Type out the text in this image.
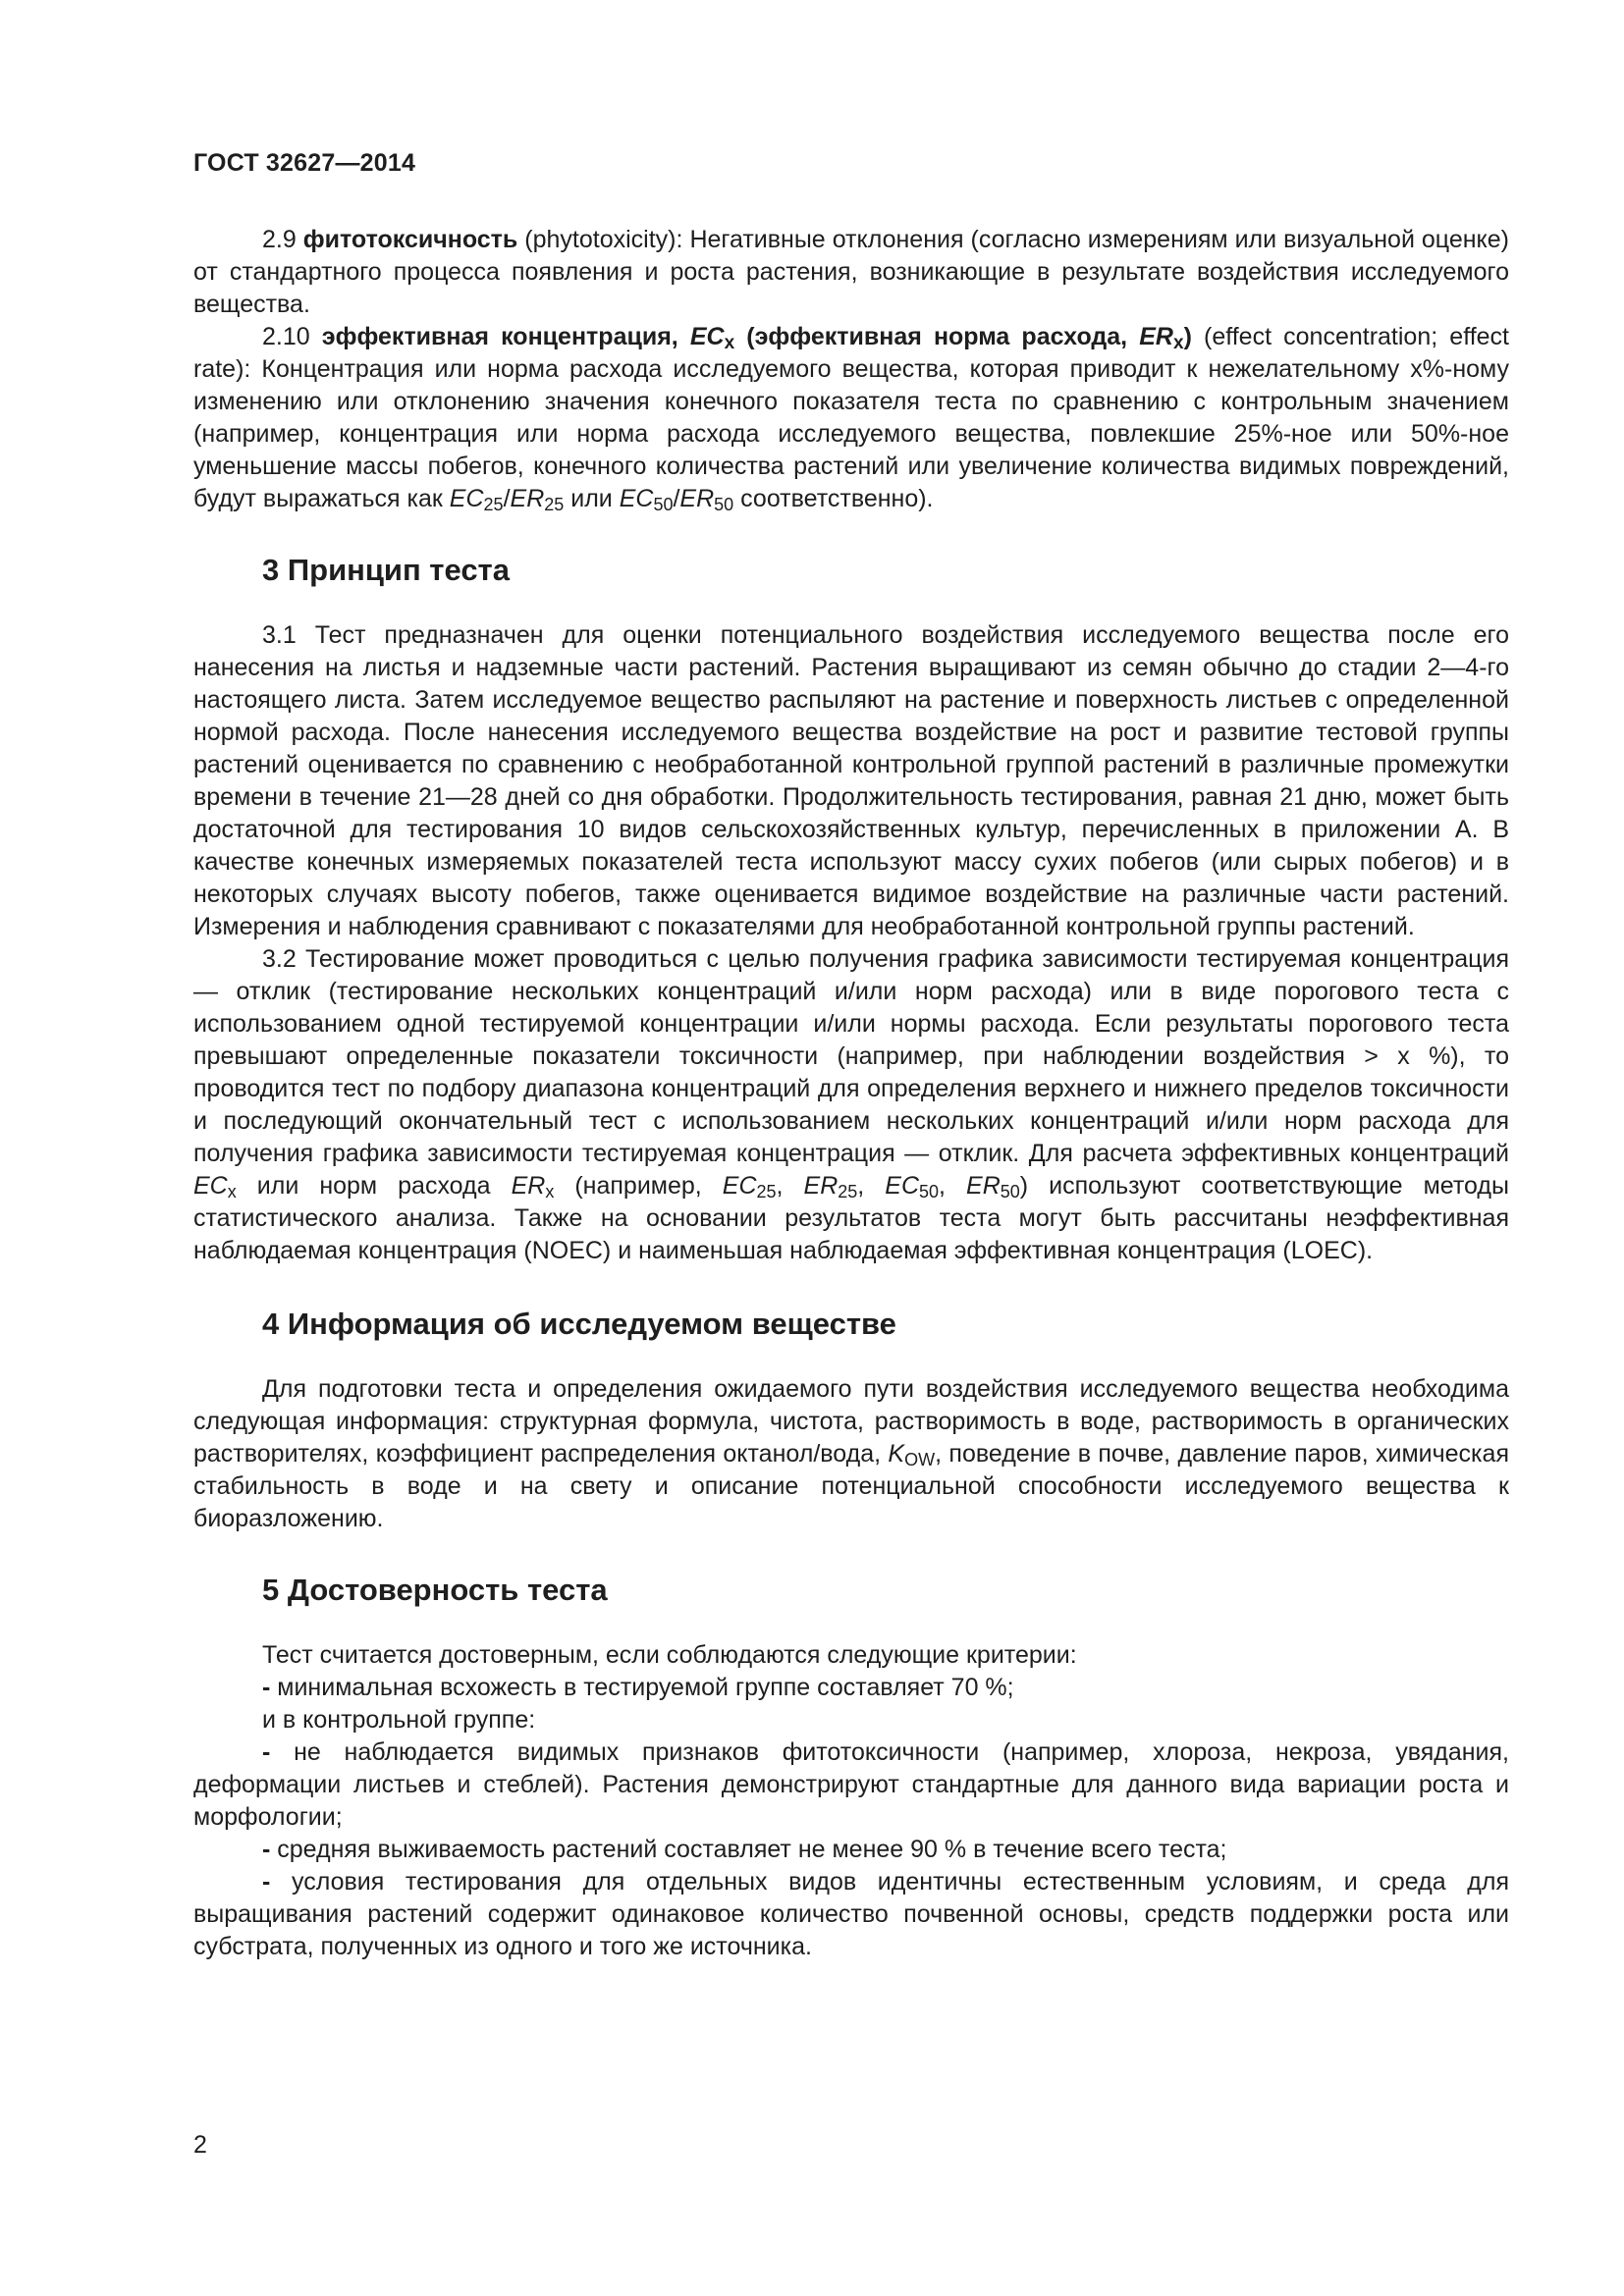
ГОСТ 32627—2014

2.9 фитотоксичность (phytotoxicity): Негативные отклонения (согласно измерениям или визуальной оценке) от стандартного процесса появления и роста растения, возникающие в результате воздействия исследуемого вещества.

2.10 эффективная концентрация, $EC_x$ (эффективная норма расхода, $ER_x$) (effect concentration; effect rate): Концентрация или норма расхода исследуемого вещества, которая приводит к нежелательному х%-ному изменению или отклонению значения конечного показателя теста по сравнению с контрольным значением (например, концентрация или норма расхода исследуемого вещества, повлекшие 25%-ное или 50%-ное уменьшение массы побегов, конечного количества растений или увеличение количества видимых повреждений, будут выражаться как $EC_{25}/ER_{25}$ или $EC_{50}/ER_{50}$ соответственно).

3 Принцип теста

3.1 Тест предназначен для оценки потенциального воздействия исследуемого вещества после его нанесения на листья и надземные части растений. Растения выращивают из семян обычно до стадии 2—4-го настоящего листа. Затем исследуемое вещество распыляют на растение и поверхность листьев с определенной нормой расхода. После нанесения исследуемого вещества воздействие на рост и развитие тестовой группы растений оценивается по сравнению с необработанной контрольной группой растений в различные промежутки времени в течение 21—28 дней со дня обработки. Продолжительность тестирования, равная 21 дню, может быть достаточной для тестирования 10 видов сельскохозяйственных культур, перечисленных в приложении А. В качестве конечных измеряемых показателей теста используют массу сухих побегов (или сырых побегов) и в некоторых случаях высоту побегов, также оценивается видимое воздействие на различные части растений. Измерения и наблюдения сравнивают с показателями для необработанной контрольной группы растений.

3.2 Тестирование может проводиться с целью получения графика зависимости тестируемая концентрация — отклик (тестирование нескольких концентраций и/или норм расхода) или в виде порогового теста с использованием одной тестируемой концентрации и/или нормы расхода. Если результаты порогового теста превышают определенные показатели токсичности (например, при наблюдении воздействия > х %), то проводится тест по подбору диапазона концентраций для определения верхнего и нижнего пределов токсичности и последующий окончательный тест с использованием нескольких концентраций и/или норм расхода для получения графика зависимости тестируемая концентрация — отклик. Для расчета эффективных концентраций $EC_x$ или норм расхода $ER_x$ (например, $EC_{25}$, $ER_{25}$, $EC_{50}$, $ER_{50}$) используют соответствующие методы статистического анализа. Также на основании результатов теста могут быть рассчитаны неэффективная наблюдаемая концентрация (NOEC) и наименьшая наблюдаемая эффективная концентрация (LOEC).

4 Информация об исследуемом веществе

Для подготовки теста и определения ожидаемого пути воздействия исследуемого вещества необходима следующая информация: структурная формула, чистота, растворимость в воде, растворимость в органических растворителях, коэффициент распределения октанол/вода, $K_{OW}$, поведение в почве, давление паров, химическая стабильность в воде и на свету и описание потенциальной способности исследуемого вещества к биоразложению.

5 Достоверность теста

Тест считается достоверным, если соблюдаются следующие критерии:

- минимальная всхожесть в тестируемой группе составляет 70 %;

и в контрольной группе:

- не наблюдается видимых признаков фитотоксичности (например, хлороза, некроза, увядания, деформации листьев и стеблей). Растения демонстрируют стандартные для данного вида вариации роста и морфологии;

- средняя выживаемость растений составляет не менее 90 % в течение всего теста;

- условия тестирования для отдельных видов идентичны естественным условиям, и среда для выращивания растений содержит одинаковое количество почвенной основы, средств поддержки роста или субстрата, полученных из одного и того же источника.

2
